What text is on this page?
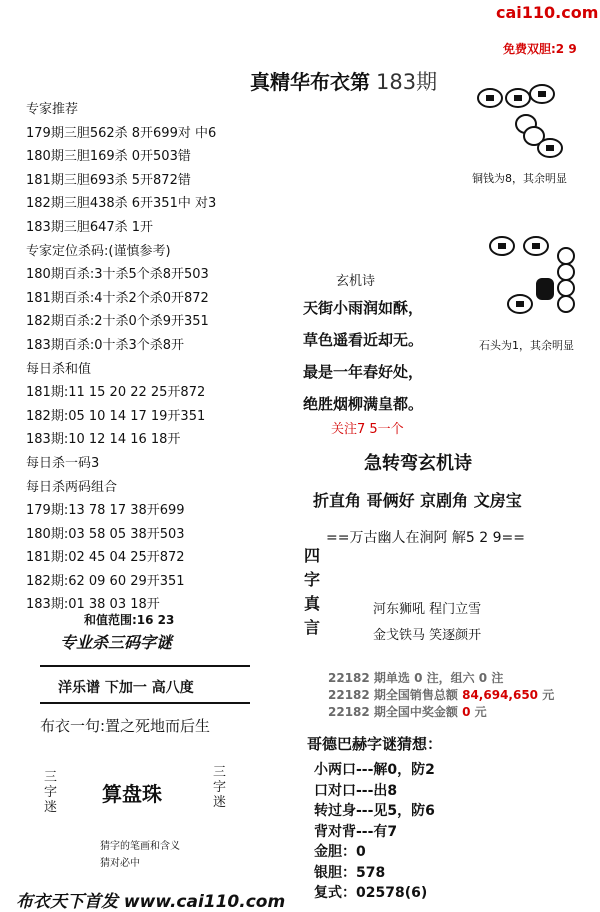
cai110.com
免费双胆:2 9
真精华布衣第 183期
专家推荐
179期三胆562杀 8开699对 中6
180期三胆169杀 0开503错
181期三胆693杀 5开872错
182期三胆438杀 6开351中 对3
183期三胆647杀 1开
专家定位杀码:(谨慎参考)
180期百杀:3十杀5个杀8开503
181期百杀:4十杀2个杀0开872
182期百杀:2十杀0个杀9开351
183期百杀:0十杀3个杀8开
每日杀和值
181期:11 15 20 22 25开872
182期:05 10 14 17 19开351
183期:10 12 14 16 18开
每日杀一码3
每日杀两码组合
179期:13 78 17 38开699
180期:03 58 05 38开503
181期:02 45 04 25开872
182期:62 09 60 29开351
183期:01 38 03 18开
和值范围:16 23
专业杀三码字谜
洋乐谱 下加一 高八度
布衣一句:置之死地而后生
三字迷
算盘珠
三字迷
猜字的笔画和含义
猜对必中
布衣天下首发 www.cai110.com
铜钱为8，其余明显
石头为1，其余明显
玄机诗
天街小雨润如酥，
草色遥看近却无。
最是一年春好处，
绝胜烟柳满皇都。
关注7 5一个
急转弯玄机诗
折直角 哥俩好 京剧角 文房宝
==万古幽人在涧阿 解5 2 9==
四字真言
河东狮吼 程门立雪
金戈铁马 笑逐颜开
22182 期单选 0 注，组六 0 注
22182 期全国销售总额 84,694,650 元
22182 期全国中奖金额 0 元
哥德巴赫字谜猜想：
小两口---解0，防2
口对口---出8
转过身---见5，防6
背对背---有7
金胆：0
银胆：578
复式：02578(6)
